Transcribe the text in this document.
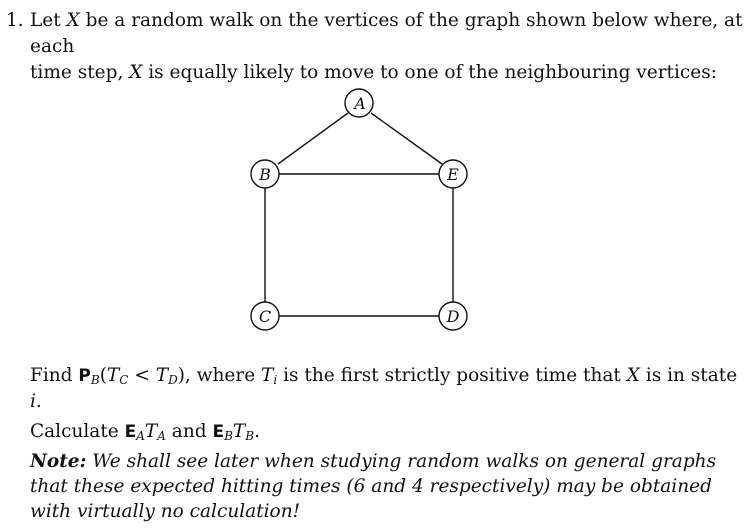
1. Let X be a random walk on the vertices of the graph shown below where, at each
time step, X is equally likely to move to one of the neighbouring vertices:
A
B
C	D
E

Find $P_B(T_C < T_D)$, where $T_i$ is the first strictly positive time that X is in state i.

Calculate $E_AT_A$ and $E_BT_B$.

Note: We shall see later when studying random walks on general graphs that these expected hitting times (6 and 4 respectively) may be obtained with virtually no calculation!
